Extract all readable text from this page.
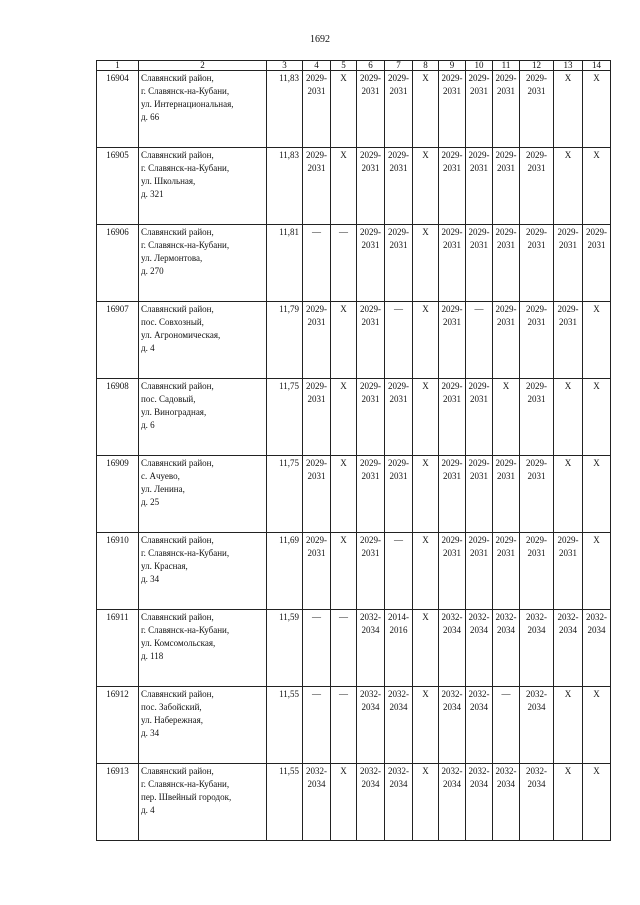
1692
1	2	3	4	5	6	7	8	9	10	11	12	13	14
16904	Славянский район,
г. Славянск-на-Кубани,
ул. Интернациональная,
д. 66	11,83	2029-2031	X	2029-2031	2029-2031	X	2029-2031	2029-2031	2029-2031	2029-2031	X	X
16905	Славянский район,
г. Славянск-на-Кубани,
ул. Школьная,
д. 321	11,83	2029-2031	X	2029-2031	2029-2031	X	2029-2031	2029-2031	2029-2031	2029-2031	X	X
16906	Славянский район,
г. Славянск-на-Кубани,
ул. Лермонтова,
д. 270	11,81	—	—	2029-2031	2029-2031	X	2029-2031	2029-2031	2029-2031	2029-2031	2029-2031	2029-2031
16907	Славянский район,
пос. Совхозный,
ул. Агрономическая,
д. 4	11,79	2029-2031	X	2029-2031	—	X	2029-2031	—	2029-2031	2029-2031	2029-2031	X
16908	Славянский район,
пос. Садовый,
ул. Виноградная,
д. 6	11,75	2029-2031	X	2029-2031	2029-2031	X	2029-2031	2029-2031	X	2029-2031	X	X
16909	Славянский район,
с. Ачуево,
ул. Ленина,
д. 25	11,75	2029-2031	X	2029-2031	2029-2031	X	2029-2031	2029-2031	2029-2031	2029-2031	X	X
16910	Славянский район,
г. Славянск-на-Кубани,
ул. Красная,
д. 34	11,69	2029-2031	X	2029-2031	—	X	2029-2031	2029-2031	2029-2031	2029-2031	2029-2031	X
16911	Славянский район,
г. Славянск-на-Кубани,
ул. Комсомольская,
д. 118	11,59	—	—	2032-2034	2014-2016	X	2032-2034	2032-2034	2032-2034	2032-2034	2032-2034	2032-2034
16912	Славянский район,
пос. Забойский,
ул. Набережная,
д. 34	11,55	—	—	2032-2034	2032-2034	X	2032-2034	2032-2034	—	2032-2034	X	X
16913	Славянский район,
г. Славянск-на-Кубани,
пер. Швейный городок,
д. 4	11,55	2032-2034	X	2032-2034	2032-2034	X	2032-2034	2032-2034	2032-2034	2032-2034	X	X
